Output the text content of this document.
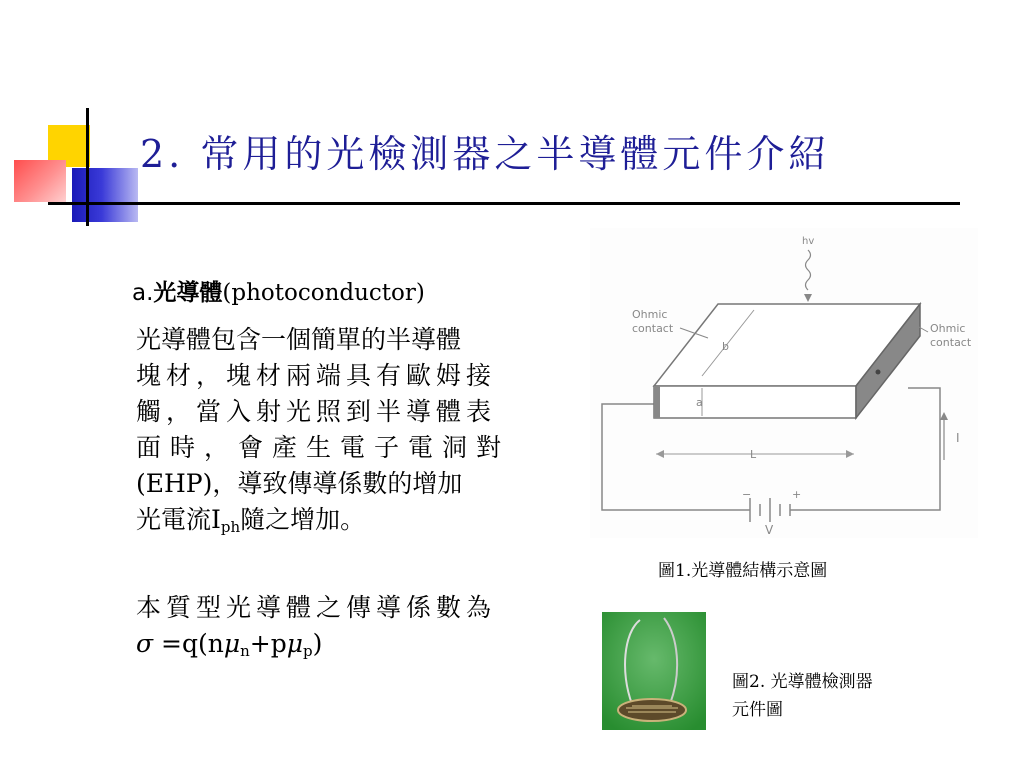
2. 常用的光檢測器之半導體元件介紹
a.光導體(photoconductor)
光導體包含一個簡單的半導體
塊材，塊材兩端具有歐姆接
觸，當入射光照到半導體表
面時，會產生電子電洞對
(EHP)，導致傳導係數的增加
光電流$I_{ph}$隨之增加。
本質型光導體之傳導係數為
$\sigma =q(n\mu_n+p\mu_p)$
−	+
V
hv
Ohmic
contact	Ohmic
contact
b
a
L
I
圖1.光導體結構示意圖
圖2. 光導體檢測器
元件圖
